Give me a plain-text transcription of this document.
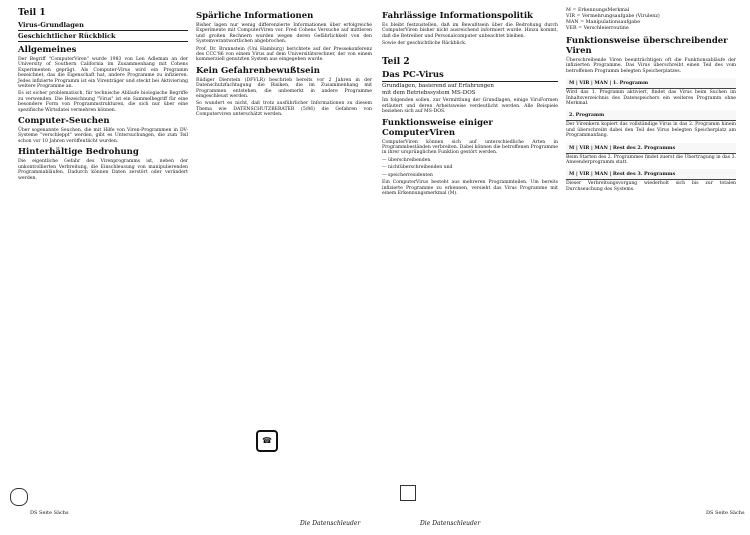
Teil 1
Virus-Grundlagen
Geschichtlicher Rückblick
Allgemeines
Der Begriff "ComputerViren" wurde 1983 von Len Adleman an der University of Southern California im Zusammenhang mit Cohens Experimenten geprägt. Als Computer-Virus wird ein Programm bezeichnet, das die Eigenschaft hat, andere Programme zu infizieren. Jedes infizierte Programm ist ein Virenträger und steckt bei Aktivierung weitere Programme an.
Es ist sicher problematisch, für technische Abläufe biologische Begriffe zu verwenden. Die Bezeichnung "Virus" ist ein Sammelbegriff für eine besondere Form von Programmstrukturen, die sich nur über eine spezifische Wirtsdatei vermehren können.
Computer-Seuchen
Über sogenannte Seuchen, die mit Hilfe von Viren-Programmen in DV-Systeme "verschleppt" werden, gibt es Untersuchungen, die zum Teil schon vor 10 Jahren veröffentlicht wurden.
Hinterhältige Bedrohung
Die eigentliche Gefahr des Virenprogramms ist, neben der unkontrollierten Verbreitung, die Einschleusung von manipulierenden Programmabläufen. Dadurch können Daten zerstört oder verändert werden.
Spärliche Informationen
Bisher lagen nur wenig differenzierte Informationen über erfolgreiche Experimente mit ComputerViren vor. Fred Cohens Versuche auf mittleren und großen Rechnern wurden wegen deren Gefährlichkeit von den Systemverantwortlichen abgebrochen.
Prof. Dr. Brunnstein (Uni Hamburg) berichtete auf der Pressekonferenz des CCC'86 von einem Virus auf dem Universitätsrechner, der von einem kommerziell genutzten System aus eingegeben wurde.
Kein Gefahrenbewußtsein
Rüdiger Dierstein (DFVLR) beschrieb bereits vor 2 Jahren in der Datenschutzfachtagung die Risiken, die im Zusammenhang mit Programmen entstehen, die unbemerkt in andere Programme eingeschleust werden.
So wundert es nicht, daß trotz ausführlicher Informationen zu diesem Thema wie DATENSCHUTZBERATER (5/86) die Gefahren von Computerviren unterschätzt werden.
Fahrlässige Informationspolitik
Es bleibt festzustellen, daß im Bewußtsein über die Bedrohung durch ComputerViren bisher nicht ausreichend informiert wurde. Hinzu kommt, daß die Betreiber und Personalcomputer unbeachtet bleiben.
Sowie der geschichtliche Rückblick.
Teil 2
Das PC-Virus
Grundlagen, basierend auf Erfahrungen
mit dem Betriebssystem MS-DOS
Im folgenden sollen, zur Vermittlung der Grundlagen, einige ViruFormen erläutert und deren Arbeitsweise verdeutlicht werden. Alle Beispiele beziehen sich auf MS-DOS.
Funktionsweise einiger ComputerViren
ComputerViren können sich auf unterschiedliche Arten in Programmbeständen verbreiten. Dabei können die betroffenen Programme in ihrer ursprünglichen Funktion gestört werden.
— überschreibenden
— nichtüberschreibenden und
— speicherresidenten
Ein ComputerVirus besteht aus mehreren Programmteilen. Um bereits infizierte Programme zu erkennen, versieht das Virus Programme mit einem Erkennungsmerkmal (M).
M = ErkennungsMerkmal
VIR = Vermehrungsaufgabe (Virulenz)
MAN = Manipulationsaufgabe
VER = Verschleierroutine
Funktionsweise überschreibender Viren
Überschreibende Viren beeinträchtigen oft die Funktionsabläufe der infizierten Programme. Das Virus überschreibt einen Teil des vom betroffenen Programm belegten Speicherplatzes.
M | VIR | MAN | 1. Programm
Wird das 1. Programm aktiviert, findet das Virus beim Suchen im Inhaltsverzeichnis des Datenspeichers ein weiteres Programm ohne Merkmal.
2. Programm
Der Virenkern kopiert das vollständige Virus in das 2. Programm hinein und überschreibt dabei den Teil des Virus belegten Speicherplatz am Programmanfang.
M | VIR | MAN | Rest des 2. Programms
Beim Starten des 2. Programmes findet zuerst die Übertragung in das 3. Anwenderprogramm statt.
M | VIR | MAN | Rest des 3. Programms
Dieser Verbreitungsvorgang wiederholt sich bis zur totalen Durchseuchung des Systems.
☎
DS Seite Sächs
Die Datenschleuder	Die Datenschleuder
DS Seite Sächs
